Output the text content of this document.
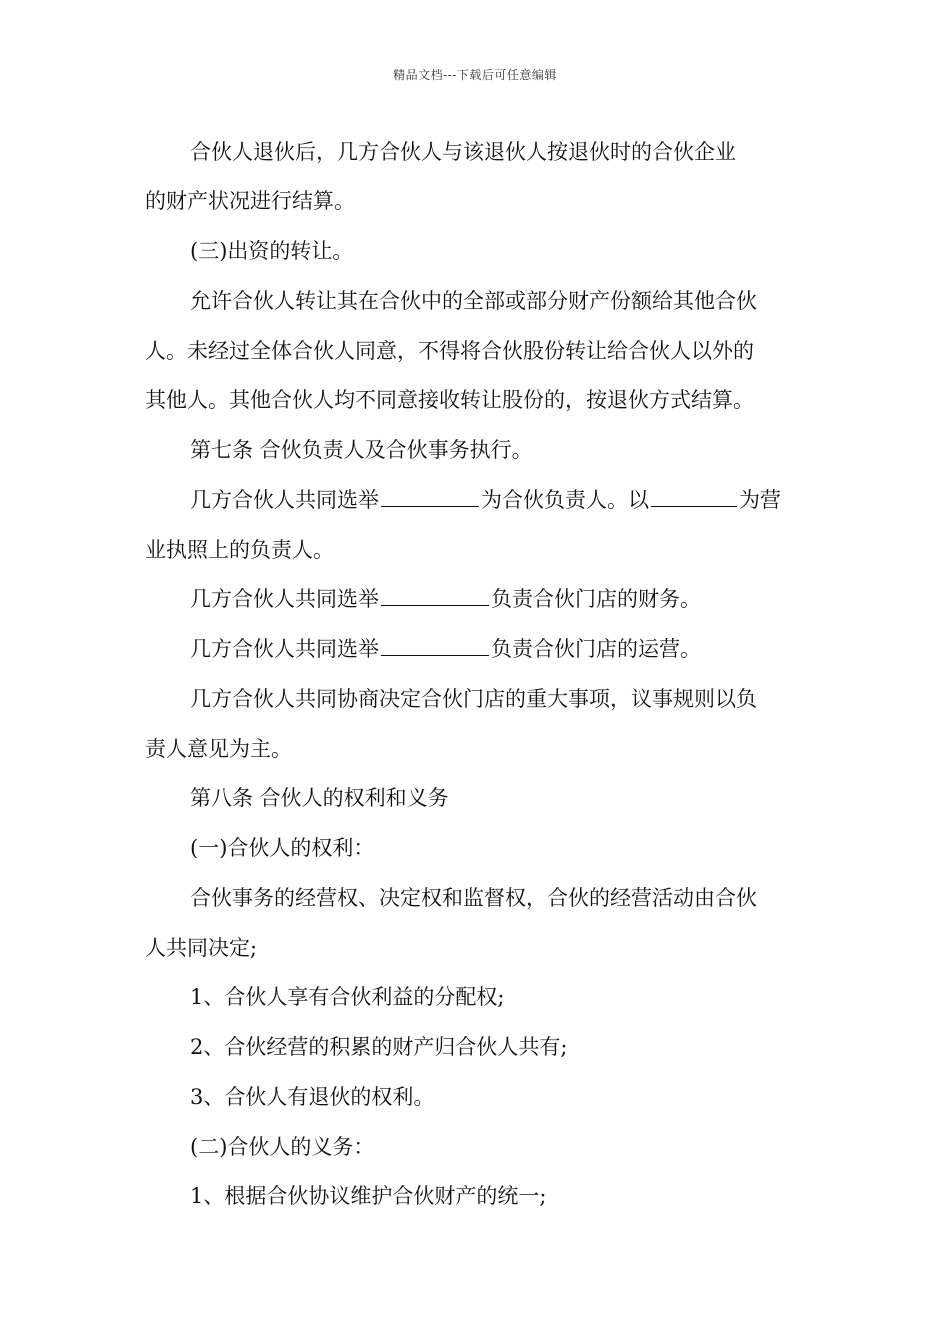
精品文档---下载后可任意编辑
合伙人退伙后，几方合伙人与该退伙人按退伙时的合伙企业
的财产状况进行结算。
(三)出资的转让。
允许合伙人转让其在合伙中的全部或部分财产份额给其他合伙
人。未经过全体合伙人同意，不得将合伙股份转让给合伙人以外的
其他人。其他合伙人均不同意接收转让股份的，按退伙方式结算。
第七条 合伙负责人及合伙事务执行。
几方合伙人共同选举	为合伙负责人。以	为营
业执照上的负责人。
几方合伙人共同选举	负责合伙门店的财务。
几方合伙人共同选举	负责合伙门店的运营。
几方合伙人共同协商决定合伙门店的重大事项，议事规则以负
责人意见为主。
第八条 合伙人的权利和义务
(一)合伙人的权利：
合伙事务的经营权、决定权和监督权，合伙的经营活动由合伙
人共同决定;
1、合伙人享有合伙利益的分配权;
2、合伙经营的积累的财产归合伙人共有;
3、合伙人有退伙的权利。
(二)合伙人的义务：
1、根据合伙协议维护合伙财产的统一;
